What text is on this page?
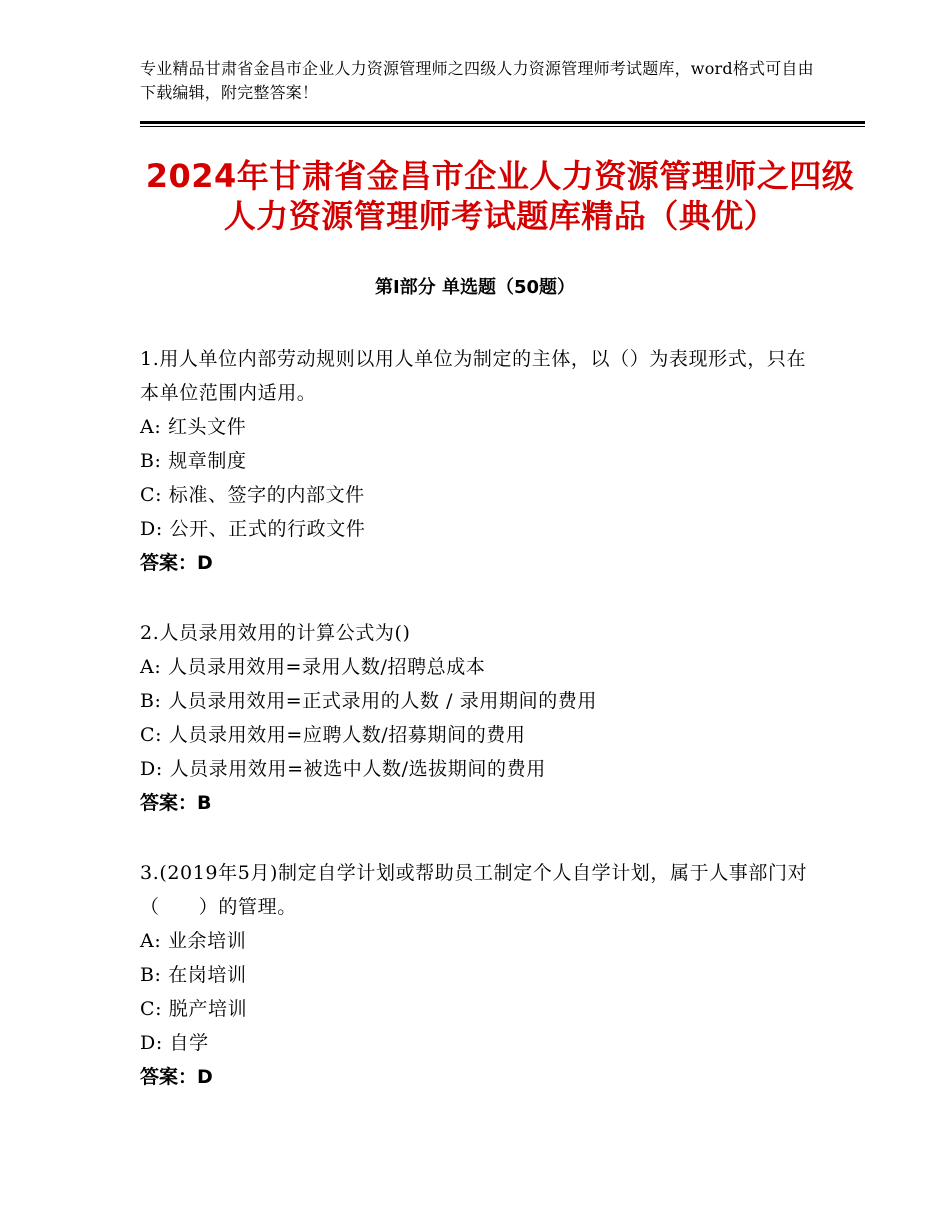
专业精品甘肃省金昌市企业人力资源管理师之四级人力资源管理师考试题库，word格式可自由下载编辑，附完整答案！
2024年甘肃省金昌市企业人力资源管理师之四级人力资源管理师考试题库精品（典优）
第Ⅰ部分 单选题（50题）
1.用人单位内部劳动规则以用人单位为制定的主体，以（）为表现形式，只在本单位范围内适用。
A: 红头文件
B: 规章制度
C: 标准、签字的内部文件
D: 公开、正式的行政文件
答案：D
2.人员录用效用的计算公式为()
A: 人员录用效用=录用人数/招聘总成本
B: 人员录用效用=正式录用的人数 / 录用期间的费用
C: 人员录用效用=应聘人数/招募期间的费用
D: 人员录用效用=被选中人数/选拔期间的费用
答案：B
3.(2019年5月)制定自学计划或帮助员工制定个人自学计划，属于人事部门对（　　）的管理。
A: 业余培训
B: 在岗培训
C: 脱产培训
D: 自学
答案：D
